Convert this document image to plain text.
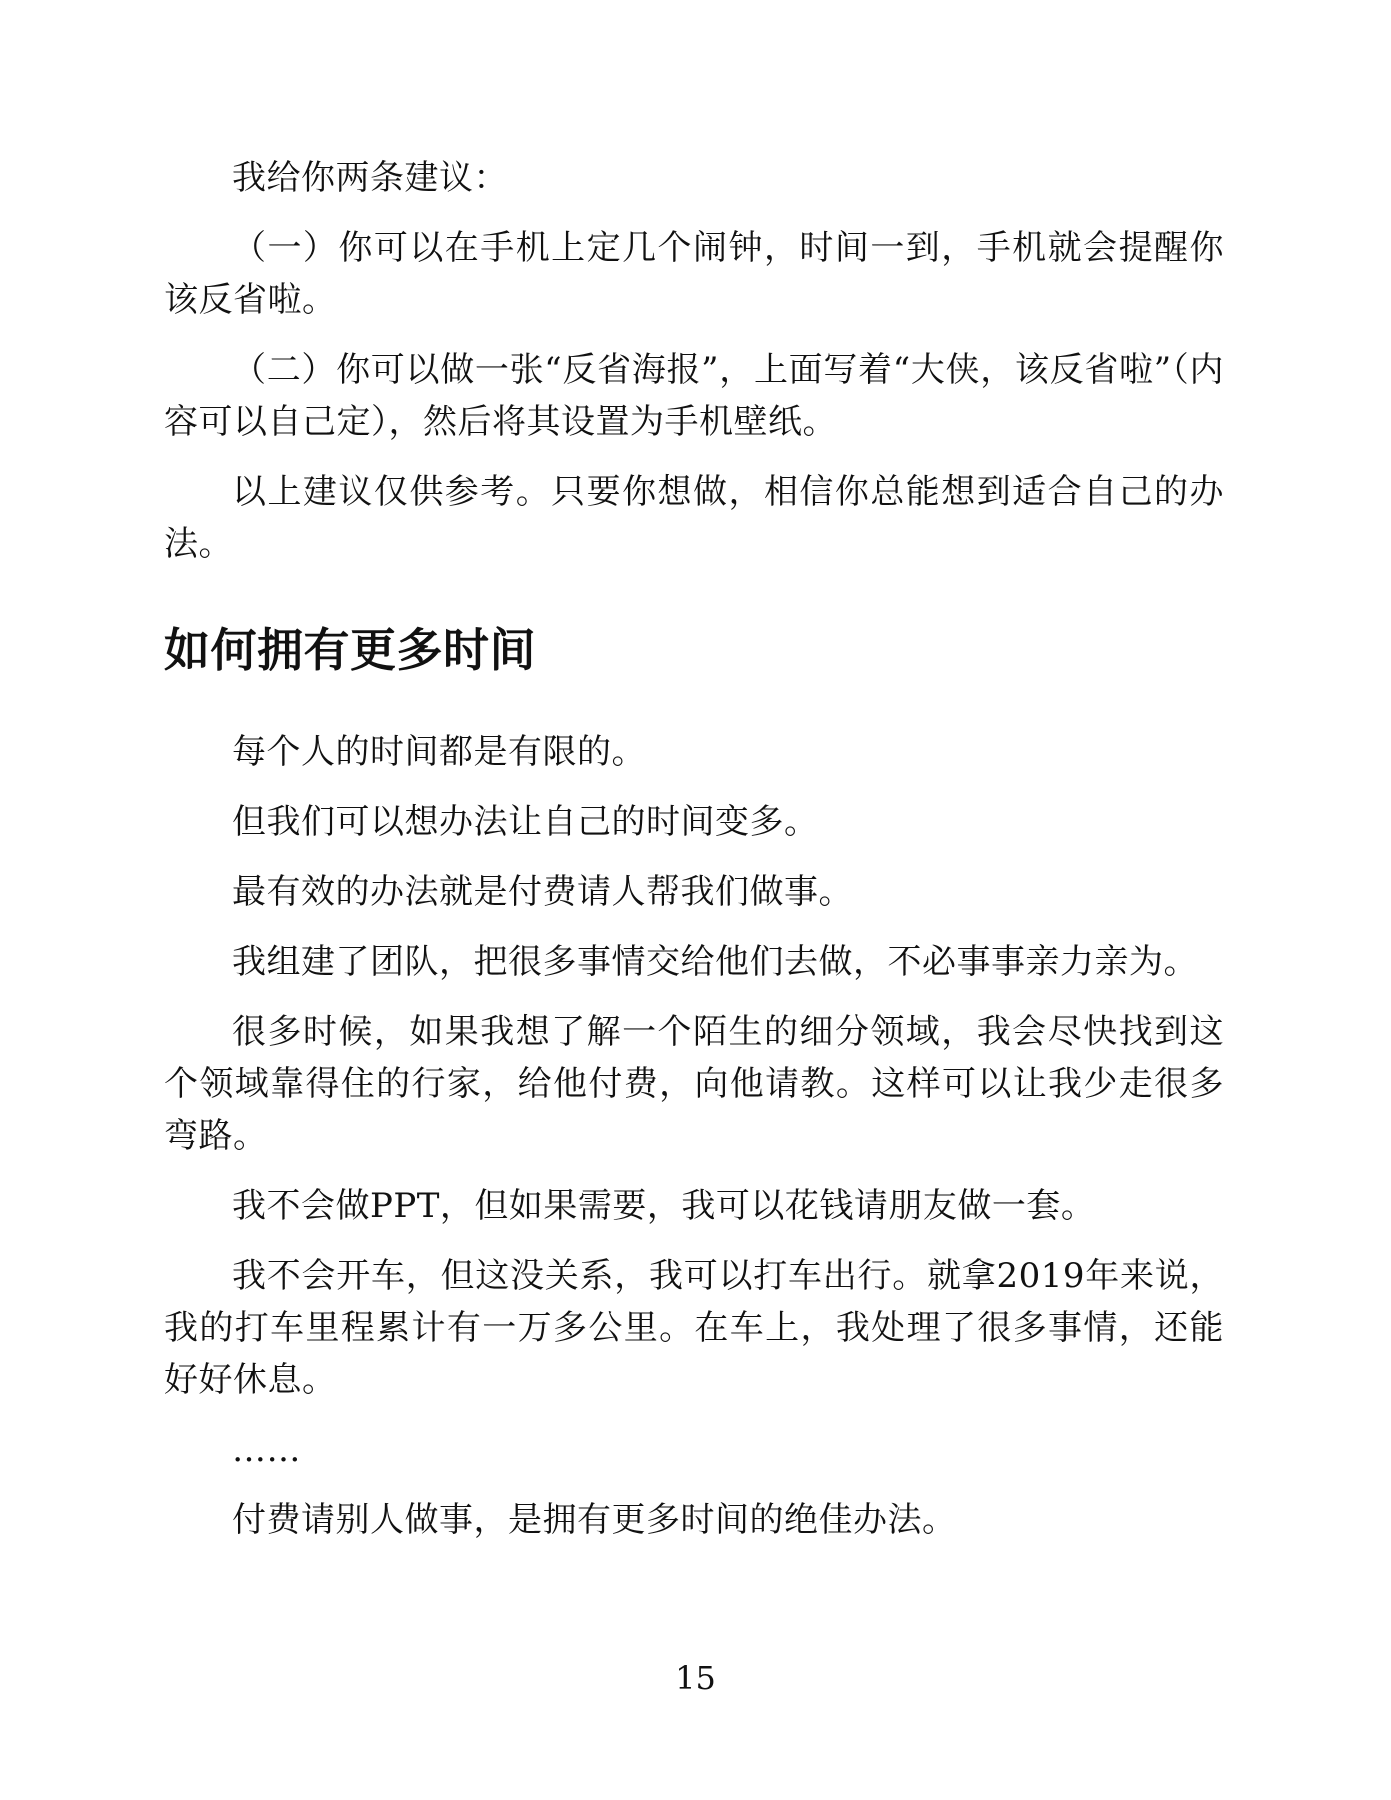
我给你两条建议：

（一）你可以在手机上定几个闹钟，时间一到，手机就会提醒你该反省啦。

（二）你可以做一张“反省海报”，上面写着“大侠，该反省啦”（内容可以自己定），然后将其设置为手机壁纸。

以上建议仅供参考。只要你想做，相信你总能想到适合自己的办法。

如何拥有更多时间

每个人的时间都是有限的。

但我们可以想办法让自己的时间变多。

最有效的办法就是付费请人帮我们做事。

我组建了团队，把很多事情交给他们去做，不必事事亲力亲为。

很多时候，如果我想了解一个陌生的细分领域，我会尽快找到这个领域靠得住的行家，给他付费，向他请教。这样可以让我少走很多弯路。

我不会做PPT，但如果需要，我可以花钱请朋友做一套。

我不会开车，但这没关系，我可以打车出行。就拿2019年来说，我的打车里程累计有一万多公里。在车上，我处理了很多事情，还能好好休息。

……

付费请别人做事，是拥有更多时间的绝佳办法。

15
